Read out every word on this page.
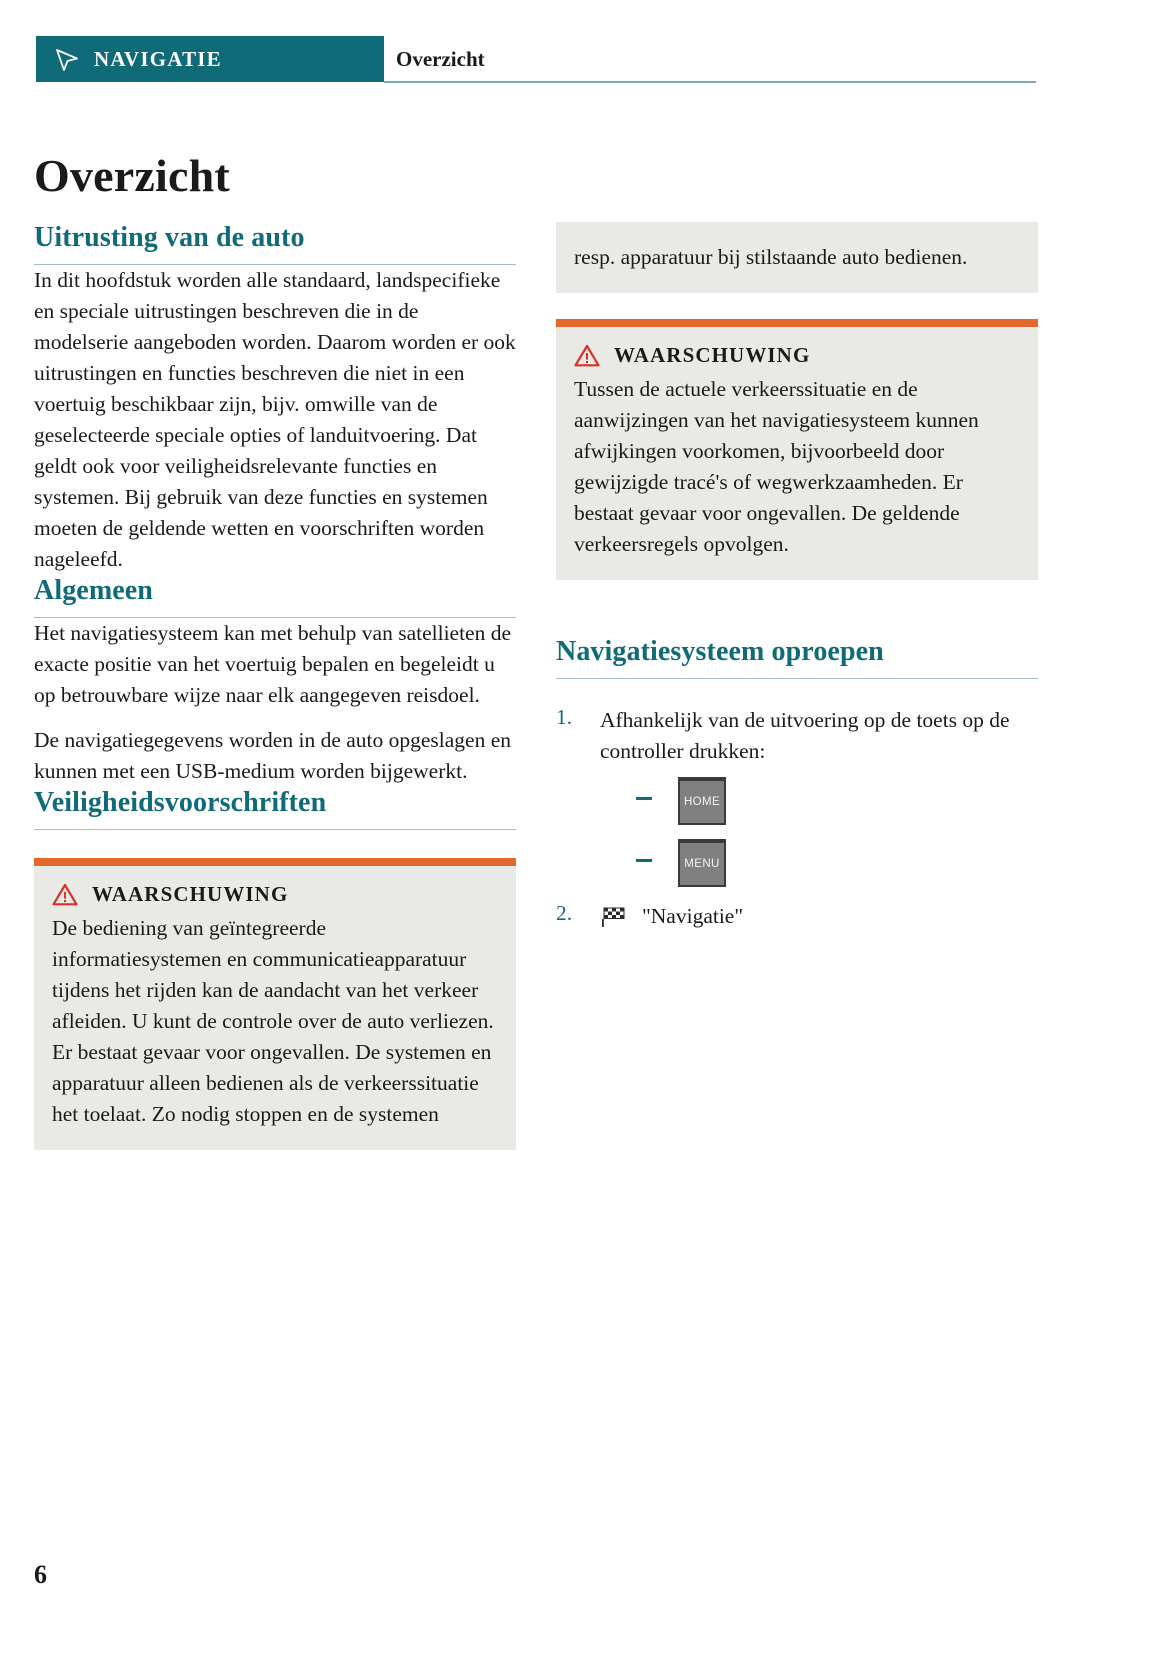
NAVIGATIE	Overzicht
Overzicht
Uitrusting van de auto

In dit hoofdstuk worden alle standaard, landspecifieke en speciale uitrustingen beschreven die in de modelserie aangeboden worden. Daarom worden er ook uitrustingen en functies beschreven die niet in een voertuig beschikbaar zijn, bijv. omwille van de geselecteerde speciale opties of landuitvoering. Dat geldt ook voor veiligheidsrelevante functies en systemen. Bij gebruik van deze functies en systemen moeten de geldende wetten en voorschriften worden nageleefd.

Algemeen

Het navigatiesysteem kan met behulp van satellieten de exacte positie van het voertuig bepalen en begeleidt u op betrouwbare wijze naar elk aangegeven reisdoel.

De navigatiegegevens worden in de auto opgeslagen en kunnen met een USB-medium worden bijgewerkt.

Veiligheidsvoorschriften
WAARSCHUWING

De bediening van geïntegreerde informatiesystemen en communicatieapparatuur tijdens het rijden kan de aandacht van het verkeer afleiden. U kunt de controle over de auto verliezen. Er bestaat gevaar voor ongevallen. De systemen en apparatuur alleen bedienen als de verkeerssituatie het toelaat. Zo nodig stoppen en de systemen

resp. apparatuur bij stilstaande auto bedienen.

WAARSCHUWING

Tussen de actuele verkeerssituatie en de aanwijzingen van het navigatiesysteem kunnen afwijkingen voorkomen, bijvoorbeeld door gewijzigde tracé's of wegwerkzaamheden. Er bestaat gevaar voor ongevallen. De geldende verkeersregels opvolgen.

Navigatiesysteem oproepen
1.	Afhankelijk van de uitvoering op de toets op de controller drukken:
HOME
MENU
2.	"Navigatie"
6
